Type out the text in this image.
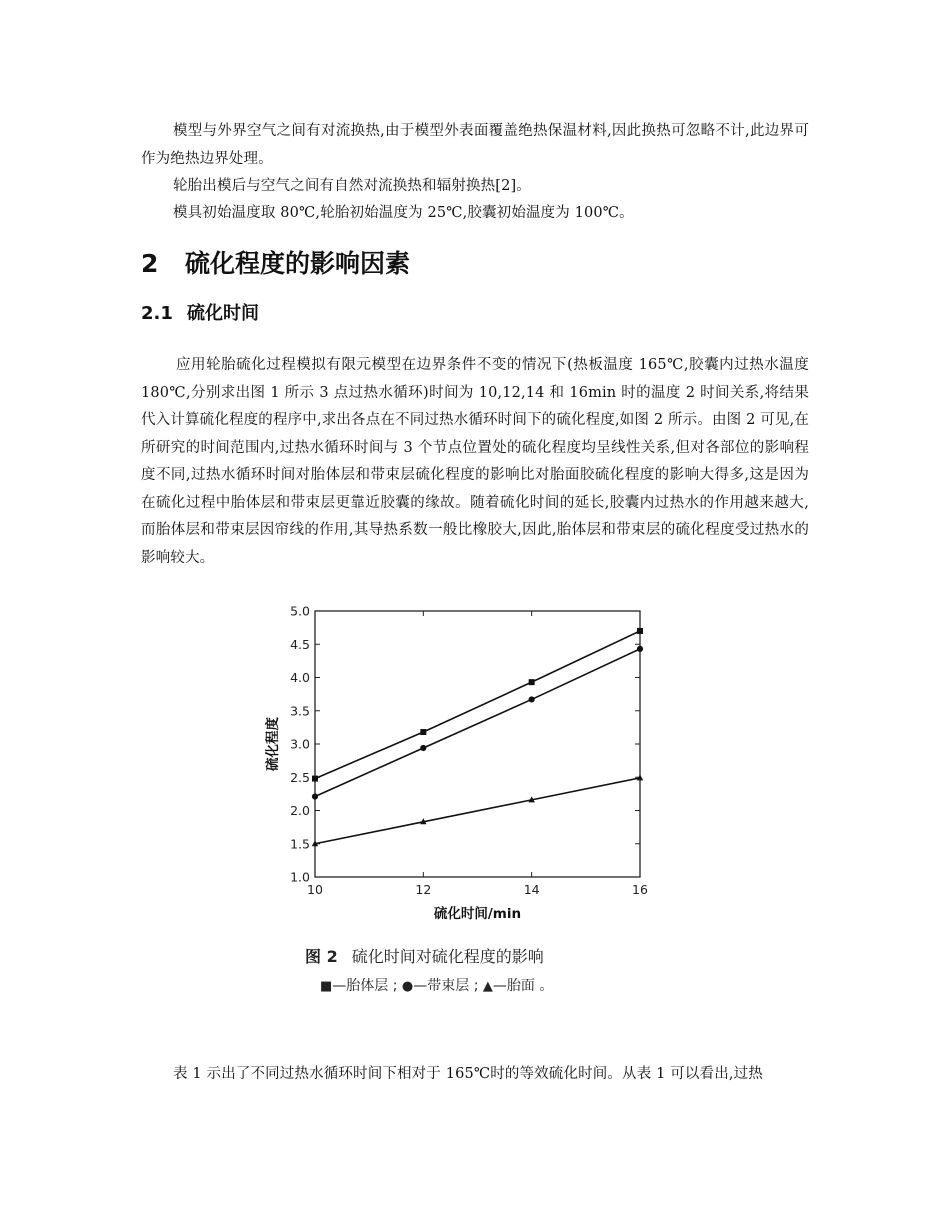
模型与外界空气之间有对流换热,由于模型外表面覆盖绝热保温材料,因此换热可忽略不计,此边界可作为绝热边界处理。

轮胎出模后与空气之间有自然对流换热和辐射换热[2]。

模具初始温度取 80℃,轮胎初始温度为 25℃,胶囊初始温度为 100℃。

2 硫化程度的影响因素
2.1 硫化时间

应用轮胎硫化过程模拟有限元模型在边界条件不变的情况下(热板温度 165℃,胶囊内过热水温度 180℃,分别求出图 1 所示 3 点过热水循环)时间为 10,12,14 和 16min 时的温度 2 时间关系,将结果代入计算硫化程度的程序中,求出各点在不同过热水循环时间下的硫化程度,如图 2 所示。由图 2 可见,在所研究的时间范围内,过热水循环时间与 3 个节点位置处的硫化程度均呈线性关系,但对各部位的影响程度不同,过热水循环时间对胎体层和带束层硫化程度的影响比对胎面胶硫化程度的影响大得多,这是因为在硫化过程中胎体层和带束层更靠近胶囊的缘故。随着硫化时间的延长,胶囊内过热水的作用越来越大,而胎体层和带束层因帘线的作用,其导热系数一般比橡胶大,因此,胎体层和带束层的硫化程度受过热水的影响较大。

1.0
1.5
2.0
2.5
3.0
3.5
4.0
4.5
5.0
10	12	14	16
硫化时间/min
硫化程度

图 2 硫化时间对硫化程度的影响

■—胎体层 ; ●—带束层 ; ▲—胎面 。

表 1 示出了不同过热水循环时间下相对于 165℃时的等效硫化时间。从表 1 可以看出,过热
